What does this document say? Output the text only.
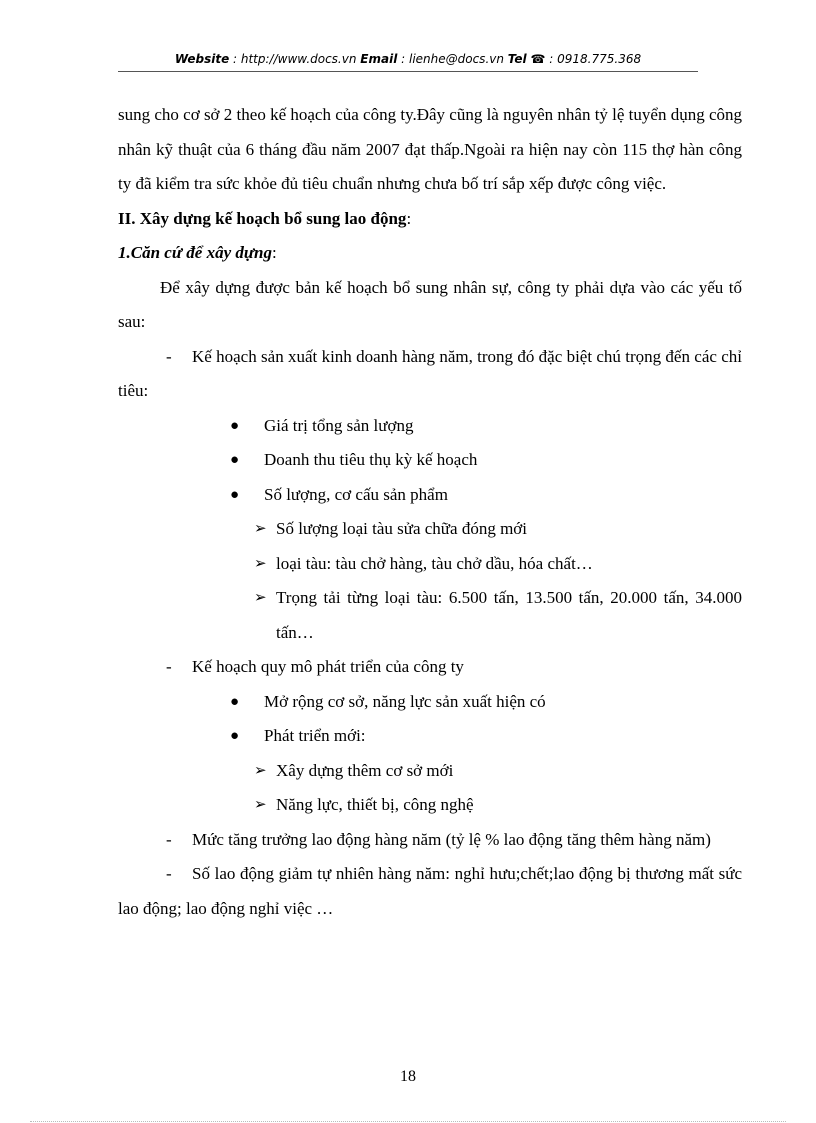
Website : http://www.docs.vn Email : lienhe@docs.vn Tel ☎ : 0918.775.368

sung cho cơ sở 2 theo kế hoạch của công ty.Đây cũng là nguyên nhân tỷ lệ tuyển dụng công nhân kỹ thuật của 6 tháng đầu năm 2007 đạt thấp.Ngoài ra hiện nay còn 115 thợ hàn công ty đã kiểm tra sức khỏe đủ tiêu chuẩn nhưng chưa bố trí sắp xếp được công việc.

II. Xây dựng kế hoạch bổ sung lao động:

1.Căn cứ để xây dựng:

Để xây dựng được bản kế hoạch bổ sung nhân sự, công ty phải dựa vào các yếu tố sau:

- Kế hoạch sản xuất kinh doanh hàng năm, trong đó đặc biệt chú trọng đến các chỉ tiêu:

● Giá trị tổng sản lượng

● Doanh thu tiêu thụ kỳ kế hoạch

● Số lượng, cơ cấu sản phẩm

➢ Số lượng loại tàu sửa chữa đóng mới

➢ loại tàu: tàu chở hàng, tàu chở dầu, hóa chất…

➢ Trọng tải từng loại tàu: 6.500 tấn, 13.500 tấn, 20.000 tấn, 34.000 tấn…

- Kế hoạch quy mô phát triển của công ty

● Mở rộng cơ sở, năng lực sản xuất hiện có

● Phát triển mới:

➢ Xây dựng thêm cơ sở mới

➢ Năng lực, thiết bị, công nghệ

- Mức tăng trưởng lao động hàng năm (tỷ lệ % lao động tăng thêm hàng năm)

- Số lao động giảm tự nhiên hàng năm: nghỉ hưu;chết;lao động bị thương mất sức lao động; lao động nghỉ việc …

18
